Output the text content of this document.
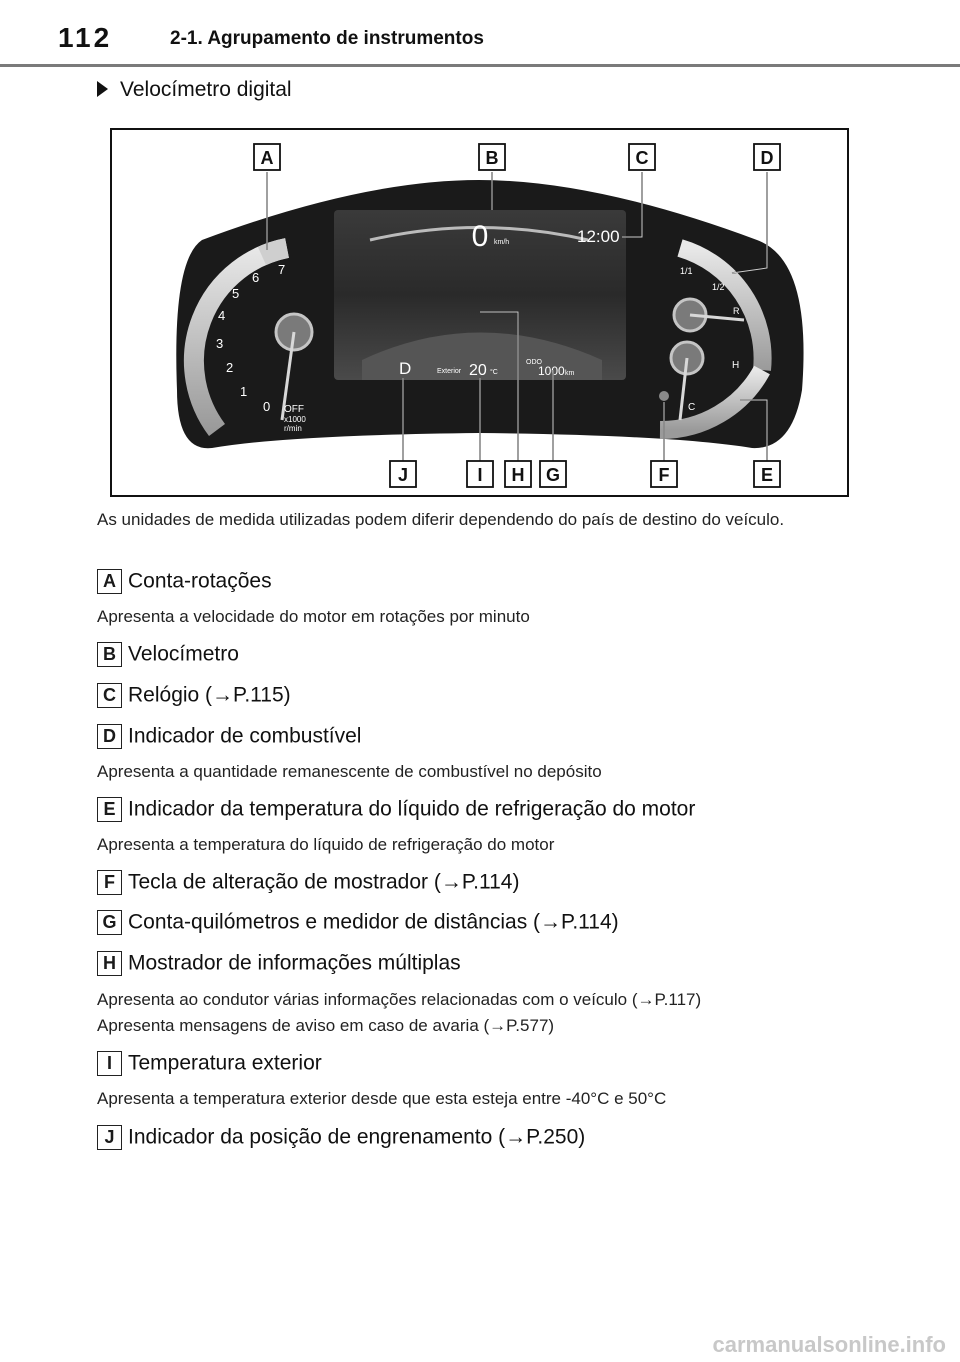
112	2-1. Agrupamento de instrumentos
Velocímetro digital
0 km/h	12:00
D	Exterior 20 °C
ODO
1000 km
0
1
2
3
4
5
6
7
OFF
x1000
r/min
1/1
1/2
R
H
C
A	B	C	D
J	I H G	F	E
As unidades de medida utilizadas podem diferir dependendo do país de destino do veículo.
A Conta-rotações
Apresenta a velocidade do motor em rotações por minuto
B Velocímetro
C Relógio (→P.115)
D Indicador de combustível
Apresenta a quantidade remanescente de combustível no depósito
E Indicador da temperatura do líquido de refrigeração do motor
Apresenta a temperatura do líquido de refrigeração do motor
F Tecla de alteração de mostrador (→P.114)
G Conta-quilómetros e medidor de distâncias (→P.114)
H Mostrador de informações múltiplas
Apresenta ao condutor várias informações relacionadas com o veículo (→P.117)
Apresenta mensagens de aviso em caso de avaria (→P.577)
I Temperatura exterior
Apresenta a temperatura exterior desde que esta esteja entre -40°C e 50°C
J Indicador da posição de engrenamento (→P.250)
carmanualsonline.info
